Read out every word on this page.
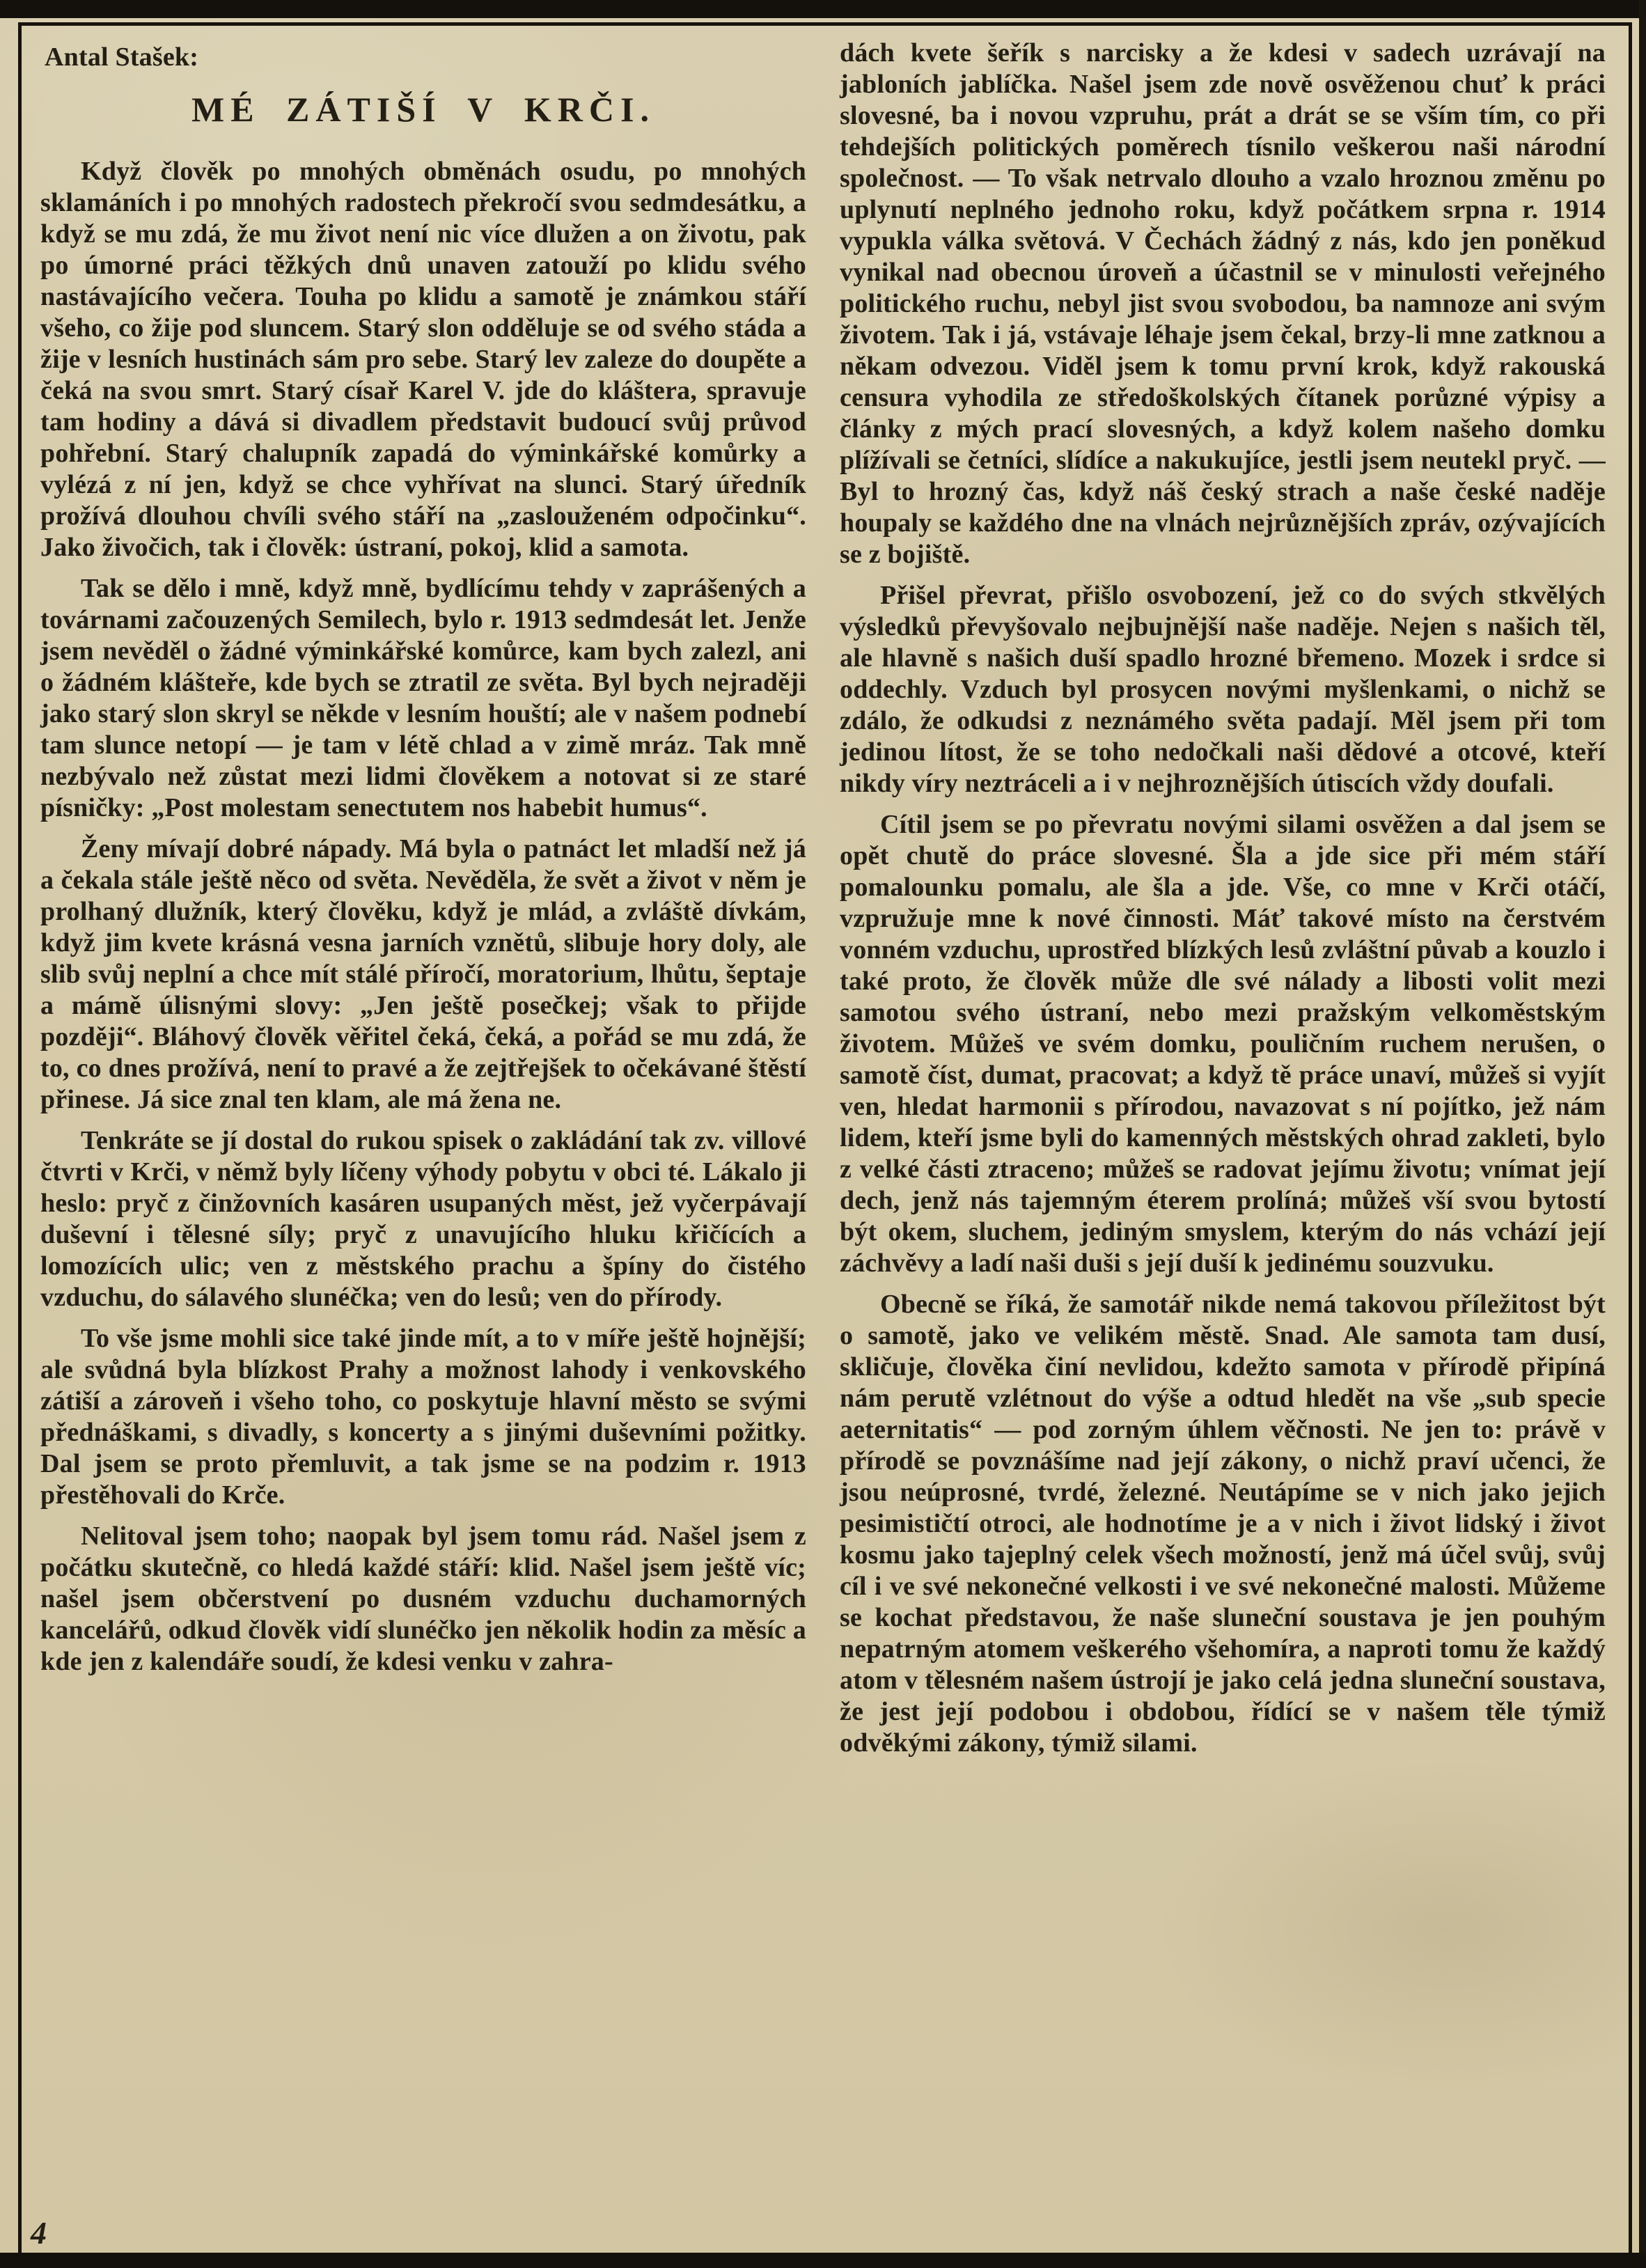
Antal Stašek:
MÉ ZÁTIŠÍ V KRČI.

Když člověk po mnohých obměnách osudu, po mnohých sklamáních i po mnohých radostech překročí svou sedmdesátku, a když se mu zdá, že mu život není nic více dlužen a on životu, pak po úmorné práci těžkých dnů unaven zatouží po klidu svého nastávajícího večera. Touha po klidu a samotě je známkou stáří všeho, co žije pod sluncem. Starý slon odděluje se od svého stáda a žije v lesních hustinách sám pro sebe. Starý lev zaleze do doupěte a čeká na svou smrt. Starý císař Karel V. jde do kláštera, spravuje tam hodiny a dává si divadlem představit budoucí svůj průvod pohřební. Starý chalupník zapadá do výminkářské komůrky a vylézá z ní jen, když se chce vyhřívat na slunci. Starý úředník prožívá dlouhou chvíli svého stáří na „zaslouženém odpočinku“. Jako živočich, tak i člověk: ústraní, pokoj, klid a samota.

Tak se dělo i mně, když mně, bydlícímu tehdy v zaprášených a továrnami začouzených Semilech, bylo r. 1913 sedmdesát let. Jenže jsem nevěděl o žádné výminkářské komůrce, kam bych zalezl, ani o žádném klášteře, kde bych se ztratil ze světa. Byl bych nejraději jako starý slon skryl se někde v lesním houští; ale v našem podnebí tam slunce netopí — je tam v létě chlad a v zimě mráz. Tak mně nezbývalo než zůstat mezi lidmi člověkem a notovat si ze staré písničky: „Post molestam senectutem nos habebit humus“.

Ženy mívají dobré nápady. Má byla o patnáct let mladší než já a čekala stále ještě něco od světa. Nevěděla, že svět a život v něm je prolhaný dlužník, který člověku, když je mlád, a zvláště dívkám, když jim kvete krásná vesna jarních vznětů, slibuje hory doly, ale slib svůj neplní a chce mít stálé příročí, moratorium, lhůtu, šeptaje a mámě úlisnými slovy: „Jen ještě posečkej; však to přijde později“. Bláhový člověk věřitel čeká, čeká, a pořád se mu zdá, že to, co dnes prožívá, není to pravé a že zejtřejšek to očekávané štěstí přinese. Já sice znal ten klam, ale má žena ne.

Tenkráte se jí dostal do rukou spisek o zakládání tak zv. villové čtvrti v Krči, v němž byly líčeny výhody pobytu v obci té. Lákalo ji heslo: pryč z činžovních kasáren usupaných měst, jež vyčerpávají duševní i tělesné síly; pryč z unavujícího hluku křičících a lomozících ulic; ven z městského prachu a špíny do čistého vzduchu, do sálavého slunéčka; ven do lesů; ven do přírody.

To vše jsme mohli sice také jinde mít, a to v míře ještě hojnější; ale svůdná byla blízkost Prahy a možnost lahody i venkovského zátiší a zároveň i všeho toho, co poskytuje hlavní město se svými přednáškami, s divadly, s koncerty a s jinými duševními požitky. Dal jsem se proto přemluvit, a tak jsme se na podzim r. 1913 přestěhovali do Krče.

Nelitoval jsem toho; naopak byl jsem tomu rád. Našel jsem z počátku skutečně, co hledá každé stáří: klid. Našel jsem ještě víc; našel jsem občerstvení po dusném vzduchu duchamorných kancelářů, odkud člověk vidí slunéčko jen několik hodin za měsíc a kde jen z kalendáře soudí, že kdesi venku v zahra-

dách kvete šeřík s narcisky a že kdesi v sadech uzrávají na jabloních jablíčka. Našel jsem zde nově osvěženou chuť k práci slovesné, ba i novou vzpruhu, prát a drát se se vším tím, co při tehdejších politických poměrech tísnilo veškerou naši národní společnost. — To však netrvalo dlouho a vzalo hroznou změnu po uplynutí neplného jednoho roku, když počátkem srpna r. 1914 vypukla válka světová. V Čechách žádný z nás, kdo jen poněkud vynikal nad obecnou úroveň a účastnil se v minulosti veřejného politického ruchu, nebyl jist svou svobodou, ba namnoze ani svým životem. Tak i já, vstávaje léhaje jsem čekal, brzy-li mne zatknou a někam odvezou. Viděl jsem k tomu první krok, když rakouská censura vyhodila ze středoškolských čítanek porůzné výpisy a články z mých prací slovesných, a když kolem našeho domku plížívali se četníci, slídíce a nakukujíce, jestli jsem neutekl pryč. — Byl to hrozný čas, když náš český strach a naše české naděje houpaly se každého dne na vlnách nejrůznějších zpráv, ozývajících se z bojiště.

Přišel převrat, přišlo osvobození, jež co do svých stkvělých výsledků převyšovalo nejbujnější naše naděje. Nejen s našich těl, ale hlavně s našich duší spadlo hrozné břemeno. Mozek i srdce si oddechly. Vzduch byl prosycen novými myšlenkami, o nichž se zdálo, že odkudsi z neznámého světa padají. Měl jsem při tom jedinou lítost, že se toho nedočkali naši dědové a otcové, kteří nikdy víry neztráceli a i v nejhroznějších útiscích vždy doufali.

Cítil jsem se po převratu novými silami osvěžen a dal jsem se opět chutě do práce slovesné. Šla a jde sice při mém stáří pomalounku pomalu, ale šla a jde. Vše, co mne v Krči otáčí, vzpružuje mne k nové činnosti. Máť takové místo na čerstvém vonném vzduchu, uprostřed blízkých lesů zvláštní půvab a kouzlo i také proto, že člověk může dle své nálady a libosti volit mezi samotou svého ústraní, nebo mezi pražským velkoměstským životem. Můžeš ve svém domku, pouličním ruchem nerušen, o samotě číst, dumat, pracovat; a když tě práce unaví, můžeš si vyjít ven, hledat harmonii s přírodou, navazovat s ní pojítko, jež nám lidem, kteří jsme byli do kamenných městských ohrad zakleti, bylo z velké části ztraceno; můžeš se radovat jejímu životu; vnímat její dech, jenž nás tajemným éterem prolíná; můžeš vší svou bytostí být okem, sluchem, jediným smyslem, kterým do nás vchází její záchvěvy a ladí naši duši s její duší k jedinému souzvuku.

Obecně se říká, že samotář nikde nemá takovou příležitost být o samotě, jako ve velikém městě. Snad. Ale samota tam dusí, skličuje, člověka činí nevlidou, kdežto samota v přírodě připíná nám perutě vzlétnout do výše a odtud hledět na vše „sub specie aeternitatis“ — pod zorným úhlem věčnosti. Ne jen to: právě v přírodě se povznášíme nad její zákony, o nichž praví učenci, že jsou neúprosné, tvrdé, železné. Neutápíme se v nich jako jejich pesimističtí otroci, ale hodnotíme je a v nich i život lidský i život kosmu jako tajeplný celek všech možností, jenž má účel svůj, svůj cíl i ve své nekonečné velkosti i ve své nekonečné malosti. Můžeme se kochat představou, že naše sluneční soustava je jen pouhým nepatrným atomem veškerého všehomíra, a naproti tomu že každý atom v tělesném našem ústrojí je jako celá jedna sluneční soustava, že jest její podobou i obdobou, řídící se v našem těle týmiž odvěkými zákony, týmiž silami.

4
